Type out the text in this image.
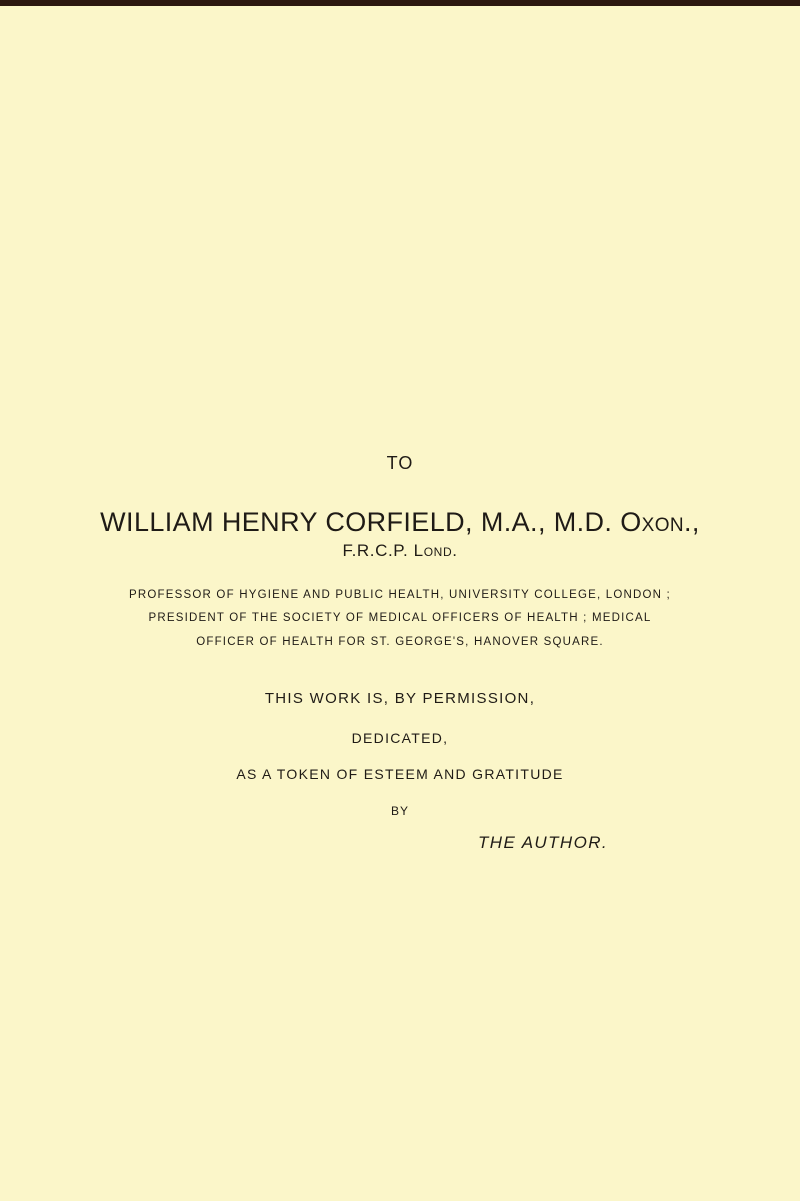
TO
WILLIAM HENRY CORFIELD, M.A., M.D. Oxon.,
F.R.C.P. Lond.
PROFESSOR OF HYGIENE AND PUBLIC HEALTH, UNIVERSITY COLLEGE, LONDON ;
PRESIDENT OF THE SOCIETY OF MEDICAL OFFICERS OF HEALTH ; MEDICAL
OFFICER OF HEALTH FOR ST. GEORGE'S, HANOVER SQUARE.
THIS WORK IS, BY PERMISSION,
DEDICATED,
AS A TOKEN OF ESTEEM AND GRATITUDE
BY
THE AUTHOR.
